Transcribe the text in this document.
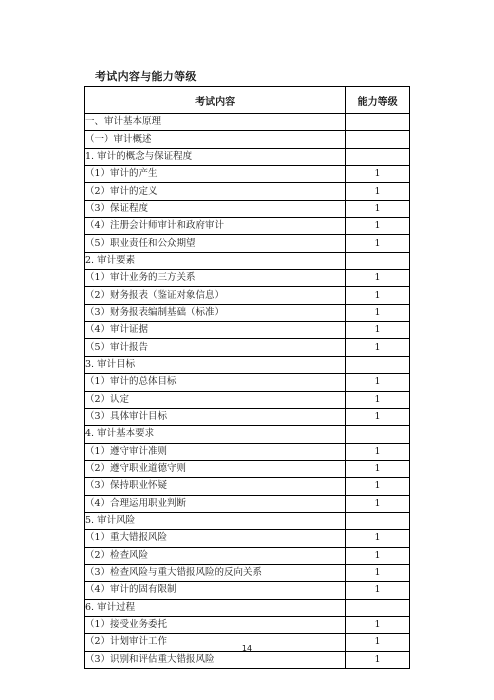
考试内容与能力等级
考试内容	能力等级
一、审计基本原理	
（一）审计概述	
1. 审计的概念与保证程度	
（1）审计的产生	1
（2）审计的定义	1
（3）保证程度	1
（4）注册会计师审计和政府审计	1
（5）职业责任和公众期望	1
2. 审计要素	
（1）审计业务的三方关系	1
（2）财务报表（鉴证对象信息）	1
（3）财务报表编制基础（标准）	1
（4）审计证据	1
（5）审计报告	1
3. 审计目标	
（1）审计的总体目标	1
（2）认定	1
（3）具体审计目标	1
4. 审计基本要求	
（1）遵守审计准则	1
（2）遵守职业道德守则	1
（3）保持职业怀疑	1
（4）合理运用职业判断	1
5. 审计风险	
（1）重大错报风险	1
（2）检查风险	1
（3）检查风险与重大错报风险的反向关系	1
（4）审计的固有限制	1
6. 审计过程	
（1）接受业务委托	1
（2）计划审计工作	1
（3）识别和评估重大错报风险	1
14
